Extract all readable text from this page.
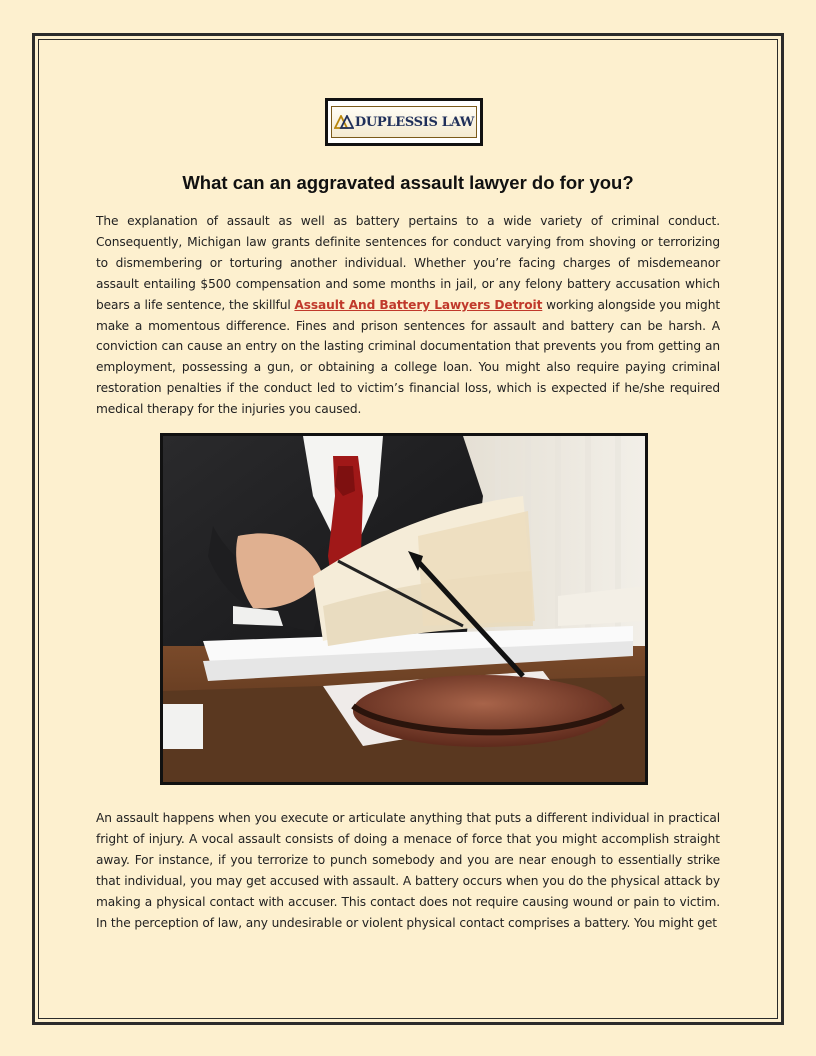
DUPLESSIS LAW
What can an aggravated assault lawyer do for you?

The explanation of assault as well as battery pertains to a wide variety of criminal conduct. Consequently, Michigan law grants definite sentences for conduct varying from shoving or terrorizing to dismembering or torturing another individual. Whether you’re facing charges of misdemeanor assault entailing $500 compensation and some months in jail, or any felony battery accusation which bears a life sentence, the skillful Assault And Battery Lawyers Detroit working alongside you might make a momentous difference. Fines and prison sentences for assault and battery can be harsh. A conviction can cause an entry on the lasting criminal documentation that prevents you from getting an employment, possessing a gun, or obtaining a college loan. You might also require paying criminal restoration penalties if the conduct led to victim’s financial loss, which is expected if he/she required medical therapy for the injuries you caused.

An assault happens when you execute or articulate anything that puts a different individual in practical fright of injury. A vocal assault consists of doing a menace of force that you might accomplish straight away. For instance, if you terrorize to punch somebody and you are near enough to essentially strike that individual, you may get accused with assault. A battery occurs when you do the physical attack by making a physical contact with accuser. This contact does not require causing wound or pain to victim. In the perception of law, any undesirable or violent physical contact comprises a battery. You might get
